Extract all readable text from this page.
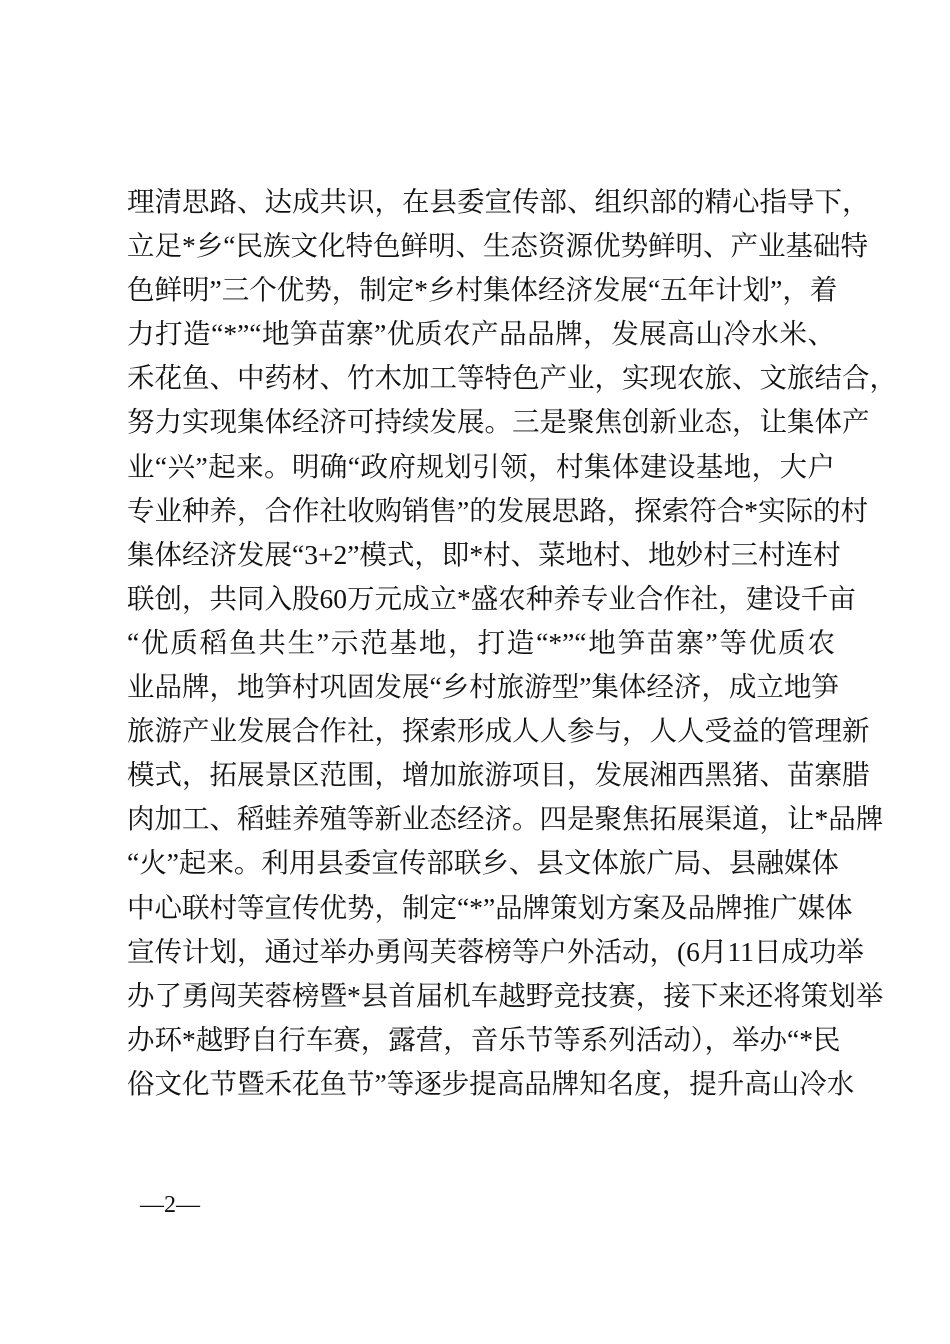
理清思路、达成共识，在县委宣传部、组织部的精心指导下，
立足*乡“民族文化特色鲜明、生态资源优势鲜明、产业基础特
色鲜明”三个优势，制定*乡村集体经济发展“五年计划”，着
力打造“*”“地笋苗寨”优质农产品品牌，发展高山冷水米、
禾花鱼、中药材、竹木加工等特色产业，实现农旅、文旅结合，
努力实现集体经济可持续发展。三是聚焦创新业态，让集体产
业“兴”起来。明确“政府规划引领，村集体建设基地，大户
专业种养，合作社收购销售”的发展思路，探索符合*实际的村
集体经济发展“3+2”模式，即*村、菜地村、地妙村三村连村
联创，共同入股60万元成立*盛农种养专业合作社，建设千亩
“优质稻鱼共生”示范基地，打造“*”“地笋苗寨”等优质农
业品牌，地笋村巩固发展“乡村旅游型”集体经济，成立地笋
旅游产业发展合作社，探索形成人人参与，人人受益的管理新
模式，拓展景区范围，增加旅游项目，发展湘西黑猪、苗寨腊
肉加工、稻蛙养殖等新业态经济。四是聚焦拓展渠道，让*品牌
“火”起来。利用县委宣传部联乡、县文体旅广局、县融媒体
中心联村等宣传优势，制定“*”品牌策划方案及品牌推广媒体
宣传计划，通过举办勇闯芙蓉榜等户外活动，(6月11日成功举
办了勇闯芙蓉榜暨*县首届机车越野竞技赛，接下来还将策划举
办环*越野自行车赛，露营，音乐节等系列活动），举办“*民
俗文化节暨禾花鱼节”等逐步提高品牌知名度，提升高山冷水
—2—
